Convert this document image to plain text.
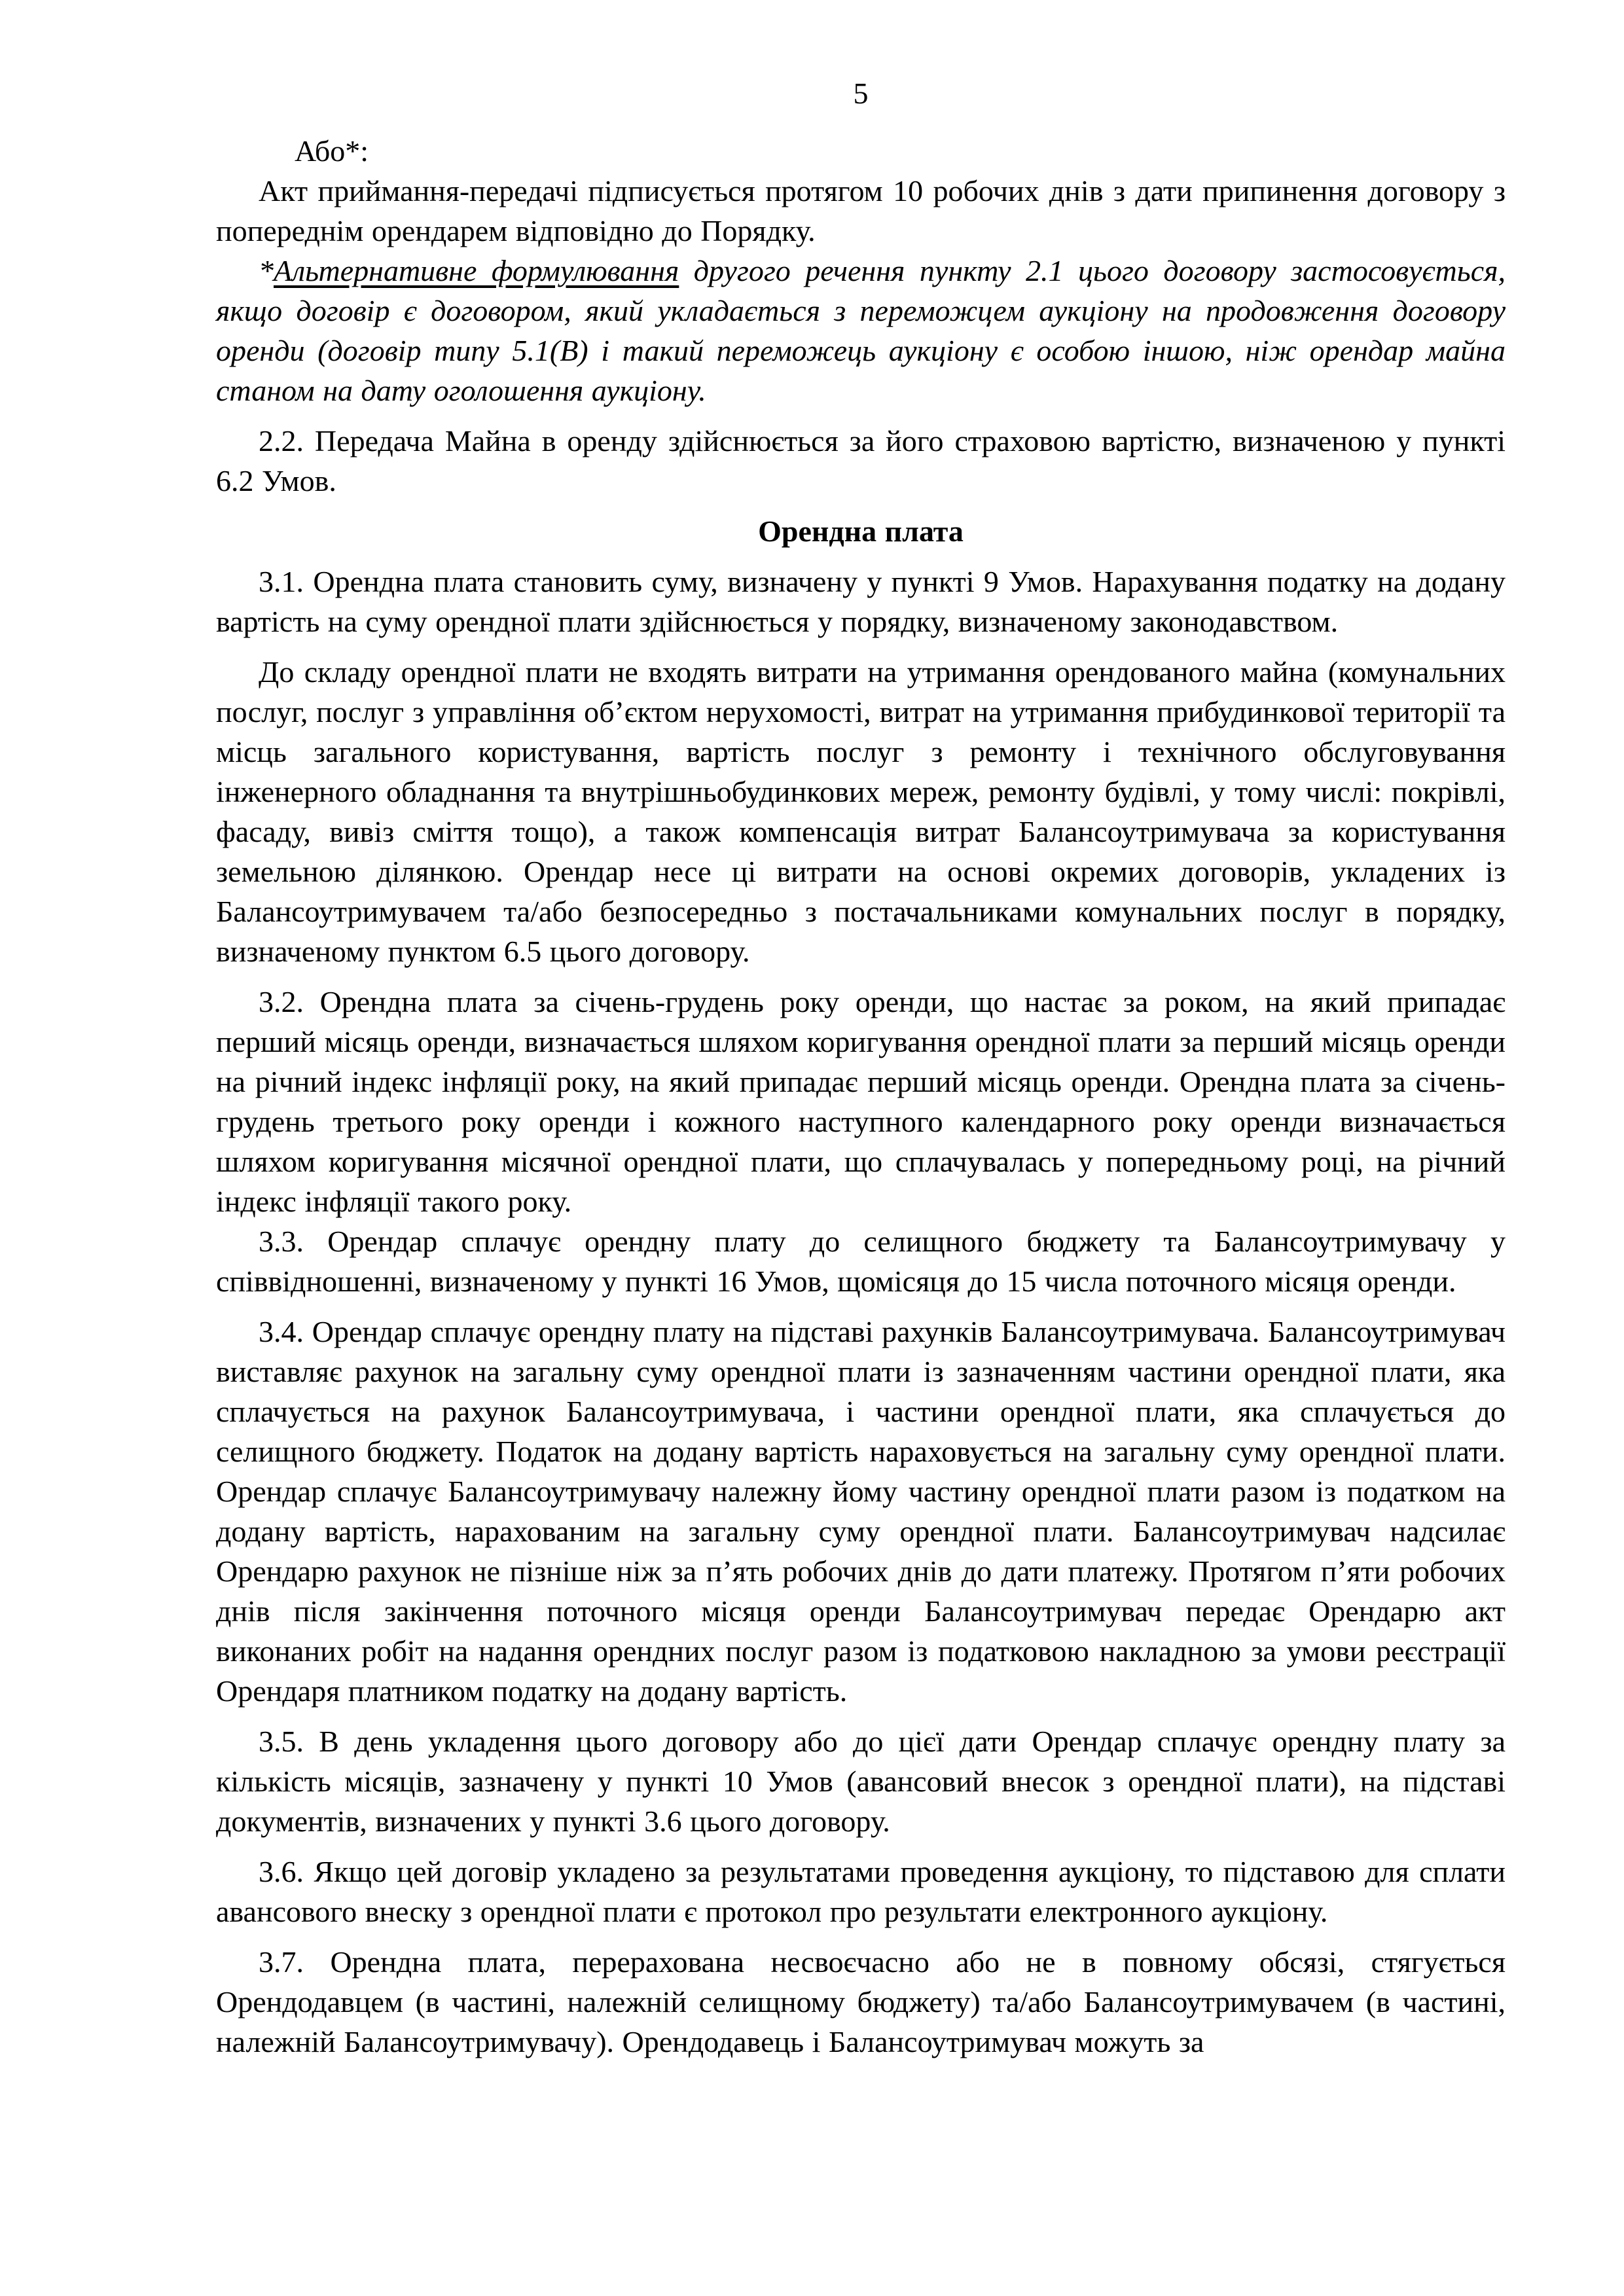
5

Або*:

Акт приймання-передачі підписується протягом 10 робочих днів з дати припинення договору з попереднім орендарем відповідно до Порядку.

*Альтернативне формулювання другого речення пункту 2.1 цього договору застосовується, якщо договір є договором, який укладається з переможцем аукціону на продовження договору оренди (договір типу 5.1(В) і такий переможець аукціону є особою іншою, ніж орендар майна станом на дату оголошення аукціону.

2.2. Передача Майна в оренду здійснюється за його страховою вартістю, визначеною у пункті 6.2 Умов.

Орендна плата

3.1. Орендна плата становить суму, визначену у пункті 9 Умов. Нарахування податку на додану вартість на суму орендної плати здійснюється у порядку, визначеному законодавством.

До складу орендної плати не входять витрати на утримання орендованого майна (комунальних послуг, послуг з управління об’єктом нерухомості, витрат на утримання прибудинкової території та місць загального користування, вартість послуг з ремонту і технічного обслуговування інженерного обладнання та внутрішньобудинкових мереж, ремонту будівлі, у тому числі: покрівлі, фасаду, вивіз сміття тощо), а також компенсація витрат Балансоутримувача за користування земельною ділянкою. Орендар несе ці витрати на основі окремих договорів, укладених із Балансоутримувачем та/або безпосередньо з постачальниками комунальних послуг в порядку, визначеному пунктом 6.5 цього договору.

3.2. Орендна плата за січень-грудень року оренди, що настає за роком, на який припадає перший місяць оренди, визначається шляхом коригування орендної плати за перший місяць оренди на річний індекс інфляції року, на який припадає перший місяць оренди. Орендна плата за січень-грудень третього року оренди і кожного наступного календарного року оренди визначається шляхом коригування місячної орендної плати, що сплачувалась у попередньому році, на річний індекс інфляції такого року.

3.3. Орендар сплачує орендну плату до селищного бюджету та Балансоутримувачу у співвідношенні, визначеному у пункті 16 Умов, щомісяця до 15 числа поточного місяця оренди.

3.4. Орендар сплачує орендну плату на підставі рахунків Балансоутримувача. Балансоутримувач виставляє рахунок на загальну суму орендної плати із зазначенням частини орендної плати, яка сплачується на рахунок Балансоутримувача, і частини орендної плати, яка сплачується до селищного бюджету. Податок на додану вартість нараховується на загальну суму орендної плати. Орендар сплачує Балансоутримувачу належну йому частину орендної плати разом із податком на додану вартість, нарахованим на загальну суму орендної плати. Балансоутримувач надсилає Орендарю рахунок не пізніше ніж за п’ять робочих днів до дати платежу. Протягом п’яти робочих днів після закінчення поточного місяця оренди Балансоутримувач передає Орендарю акт виконаних робіт на надання орендних послуг разом із податковою накладною за умови реєстрації Орендаря платником податку на додану вартість.

3.5. В день укладення цього договору або до цієї дати Орендар сплачує орендну плату за кількість місяців, зазначену у пункті 10 Умов (авансовий внесок з орендної плати), на підставі документів, визначених у пункті 3.6 цього договору.

3.6. Якщо цей договір укладено за результатами проведення аукціону, то підставою для сплати авансового внеску з орендної плати є протокол про результати електронного аукціону.

3.7. Орендна плата, перерахована несвоєчасно або не в повному обсязі, стягується Орендодавцем (в частині, належній селищному бюджету) та/або Балансоутримувачем (в частині, належній Балансоутримувачу). Орендодавець і Балансоутримувач можуть за
